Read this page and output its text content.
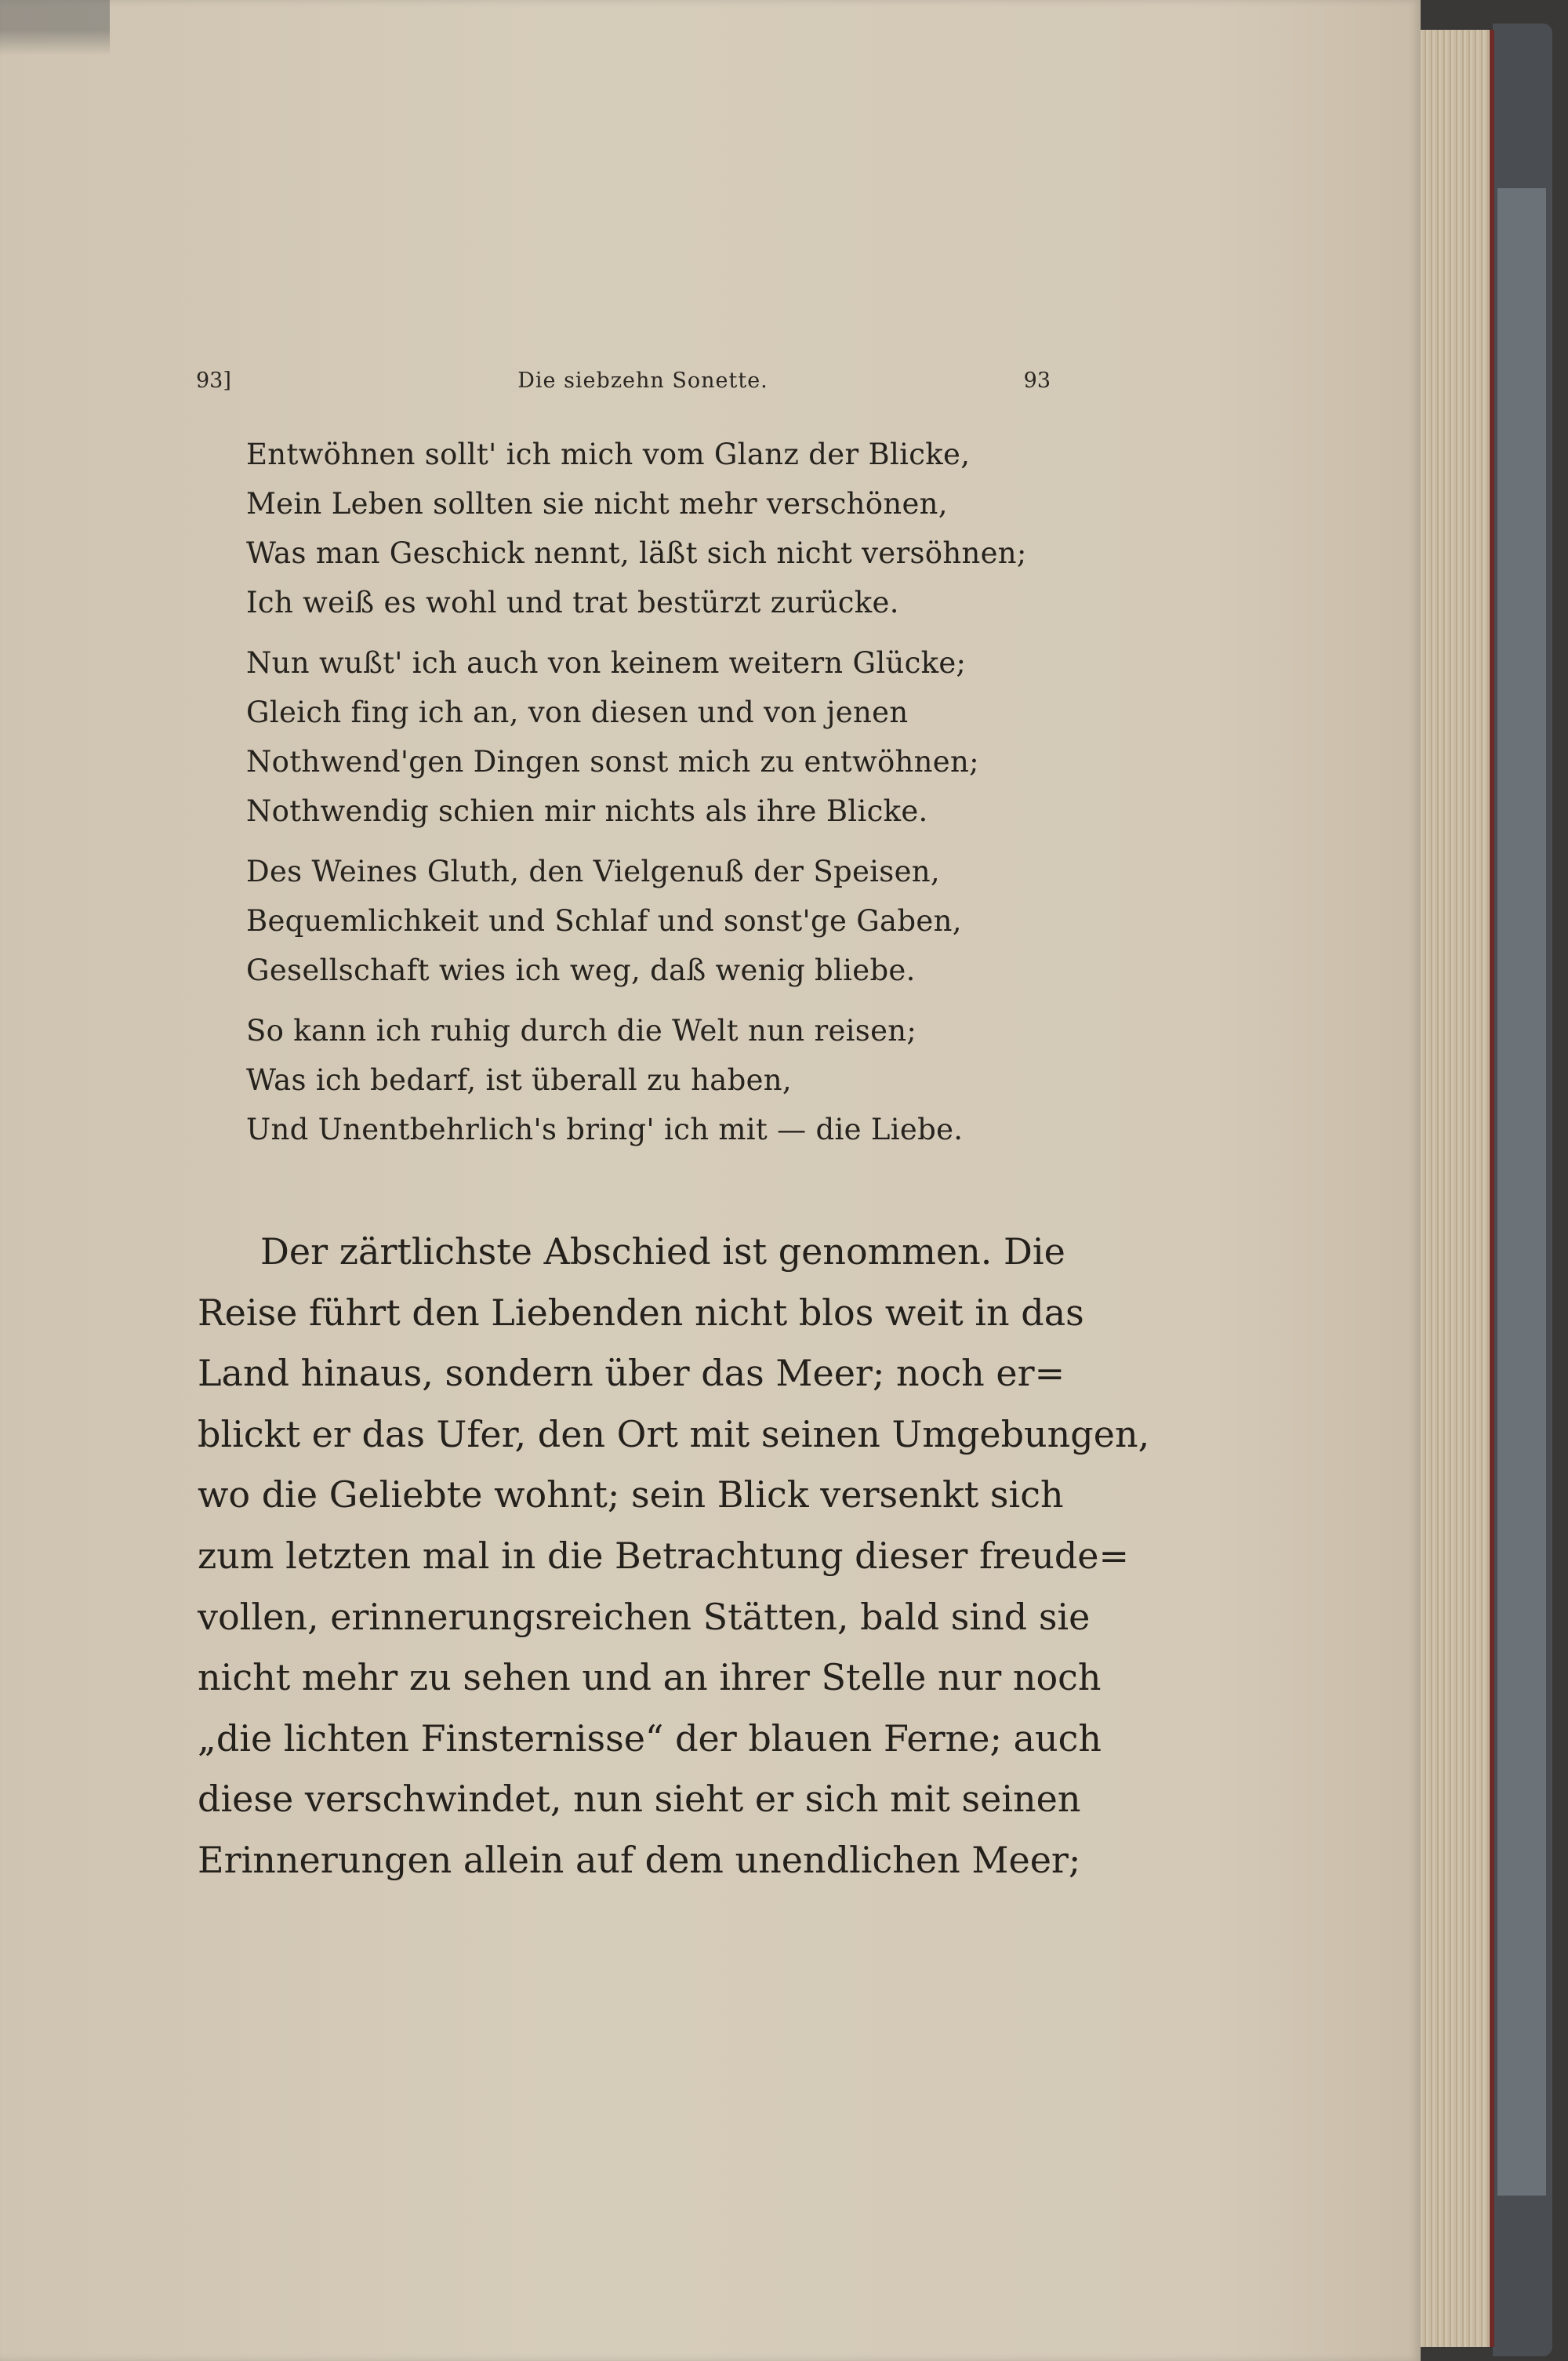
93]	Die siebzehn Sonette.	93
Entwöhnen sollt' ich mich vom Glanz der Blicke,
Mein Leben sollten sie nicht mehr verschönen,
Was man Geschick nennt, läßt sich nicht versöhnen;
Ich weiß es wohl und trat bestürzt zurücke.
Nun wußt' ich auch von keinem weitern Glücke;
Gleich fing ich an, von diesen und von jenen
Nothwend'gen Dingen sonst mich zu entwöhnen;
Nothwendig schien mir nichts als ihre Blicke.
Des Weines Gluth, den Vielgenuß der Speisen,
Bequemlichkeit und Schlaf und sonst'ge Gaben,
Gesellschaft wies ich weg, daß wenig bliebe.
So kann ich ruhig durch die Welt nun reisen;
Was ich bedarf, ist überall zu haben,
Und Unentbehrlich's bring' ich mit — die Liebe.
Der zärtlichste Abschied ist genommen. Die
Reise führt den Liebenden nicht blos weit in das
Land hinaus, sondern über das Meer; noch er=
blickt er das Ufer, den Ort mit seinen Umgebungen,
wo die Geliebte wohnt; sein Blick versenkt sich
zum letzten mal in die Betrachtung dieser freude=
vollen, erinnerungsreichen Stätten, bald sind sie
nicht mehr zu sehen und an ihrer Stelle nur noch
„die lichten Finsternisse“ der blauen Ferne; auch
diese verschwindet, nun sieht er sich mit seinen
Erinnerungen allein auf dem unendlichen Meer;
